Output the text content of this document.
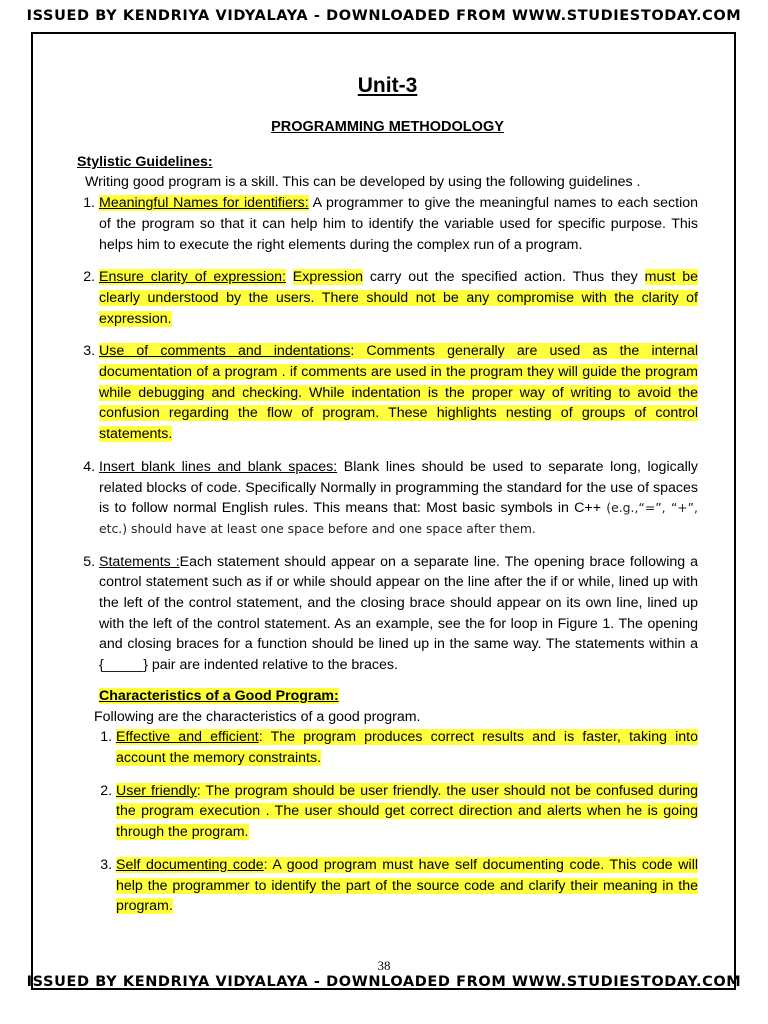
ISSUED BY KENDRIYA VIDYALAYA - DOWNLOADED FROM WWW.STUDIESTODAY.COM
Unit-3
PROGRAMMING METHODOLOGY
Stylistic Guidelines:
Writing good program is a skill. This can be developed by using the following guidelines .
1. Meaningful Names for identifiers: A programmer to give the meaningful names to each section of the program so that it can help him to identify the variable used for specific purpose. This helps him to execute the right elements during the complex run of a program.
2. Ensure clarity of expression: Expression carry out the specified action. Thus they must be clearly understood by the users. There should not be any compromise with the clarity of expression.
3. Use of comments and indentations: Comments generally are used as the internal documentation of a program . if comments are used in the program they will guide the program while debugging and checking. While indentation is the proper way of writing to avoid the confusion regarding the flow of program. These highlights nesting of groups of control statements.
4. Insert blank lines and blank spaces: Blank lines should be used to separate long, logically related blocks of code. Specifically Normally in programming the standard for the use of spaces is to follow normal English rules. This means that: Most basic symbols in C++ (e.g.,“=”, “+”, etc.) should have at least one space before and one space after them.
5. Statements :Each statement should appear on a separate line. The opening brace following a control statement such as if or while should appear on the line after the if or while, lined up with the left of the control statement, and the closing brace should appear on its own line, lined up with the left of the control statement. As an example, see the for loop in Figure 1. The opening and closing braces for a function should be lined up in the same way. The statements within a {_____} pair are indented relative to the braces.
Characteristics of a Good Program:
Following are the characteristics of a good program.
1. Effective and efficient: The program produces correct results and is faster, taking into account the memory constraints.
2. User friendly: The program should be user friendly. the user should not be confused during the program execution . The user should get correct direction and alerts when he is going through the program.
3. Self documenting code: A good program must have self documenting code. This code will help the programmer to identify the part of the source code and clarify their meaning in the program.
38
ISSUED BY KENDRIYA VIDYALAYA - DOWNLOADED FROM WWW.STUDIESTODAY.COM
